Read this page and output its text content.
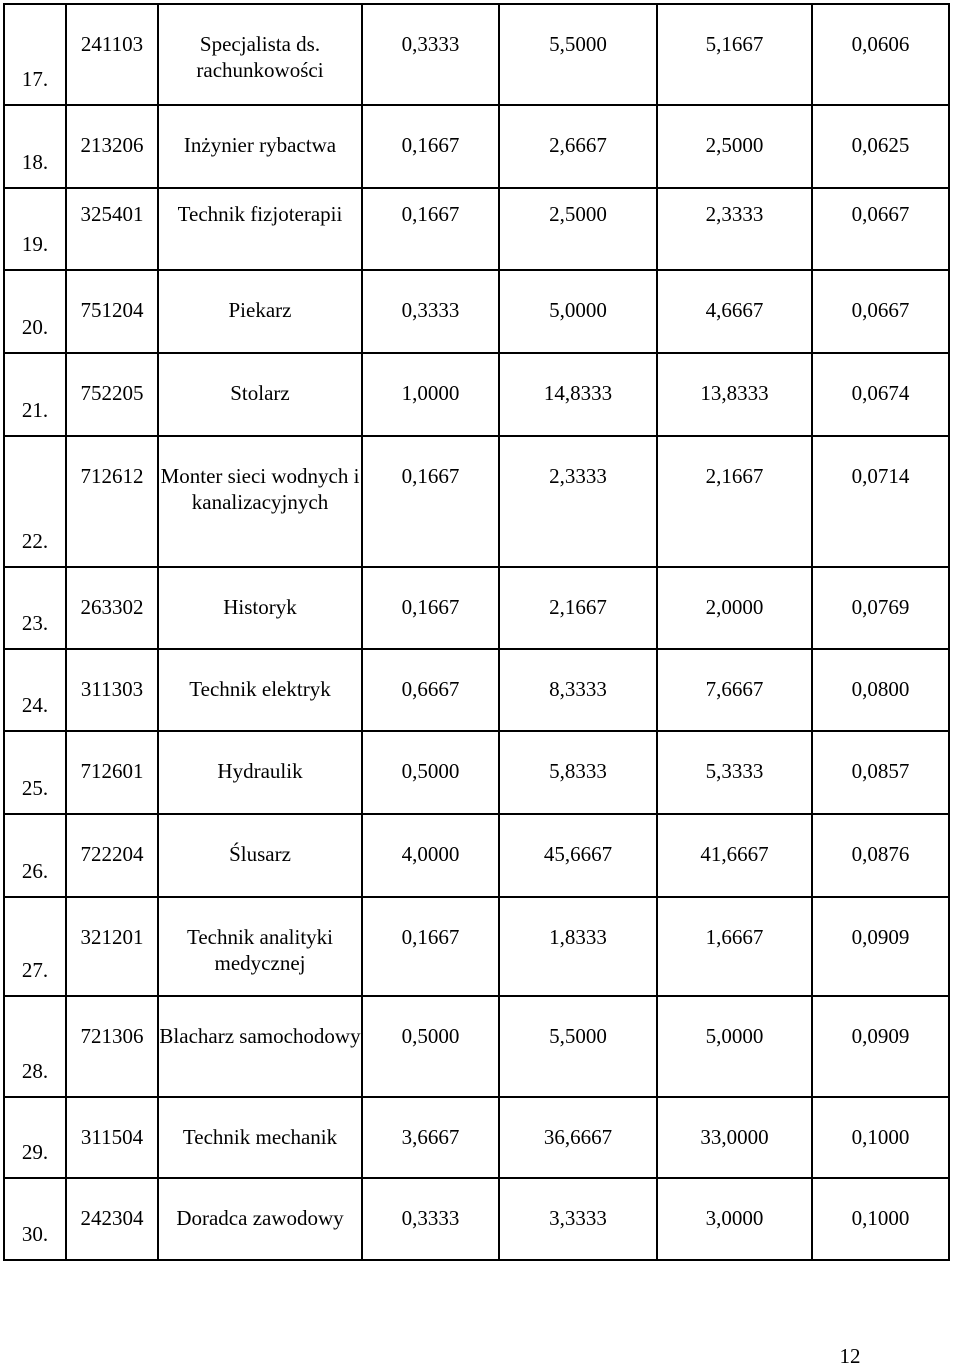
17.	241103	Specjalista ds. rachunkowości	0,3333	5,5000	5,1667	0,0606
18.	213206	Inżynier rybactwa	0,1667	2,6667	2,5000	0,0625
19.	325401	Technik fizjoterapii	0,1667	2,5000	2,3333	0,0667
20.	751204	Piekarz	0,3333	5,0000	4,6667	0,0667
21.	752205	Stolarz	1,0000	14,8333	13,8333	0,0674
22.	712612	Monter sieci wodnych i kanalizacyjnych	0,1667	2,3333	2,1667	0,0714
23.	263302	Historyk	0,1667	2,1667	2,0000	0,0769
24.	311303	Technik elektryk	0,6667	8,3333	7,6667	0,0800
25.	712601	Hydraulik	0,5000	5,8333	5,3333	0,0857
26.	722204	Ślusarz	4,0000	45,6667	41,6667	0,0876
27.	321201	Technik analityki medycznej	0,1667	1,8333	1,6667	0,0909
28.	721306	Blacharz samochodowy	0,5000	5,5000	5,0000	0,0909
29.	311504	Technik mechanik	3,6667	36,6667	33,0000	0,1000
30.	242304	Doradca zawodowy	0,3333	3,3333	3,0000	0,1000
12
